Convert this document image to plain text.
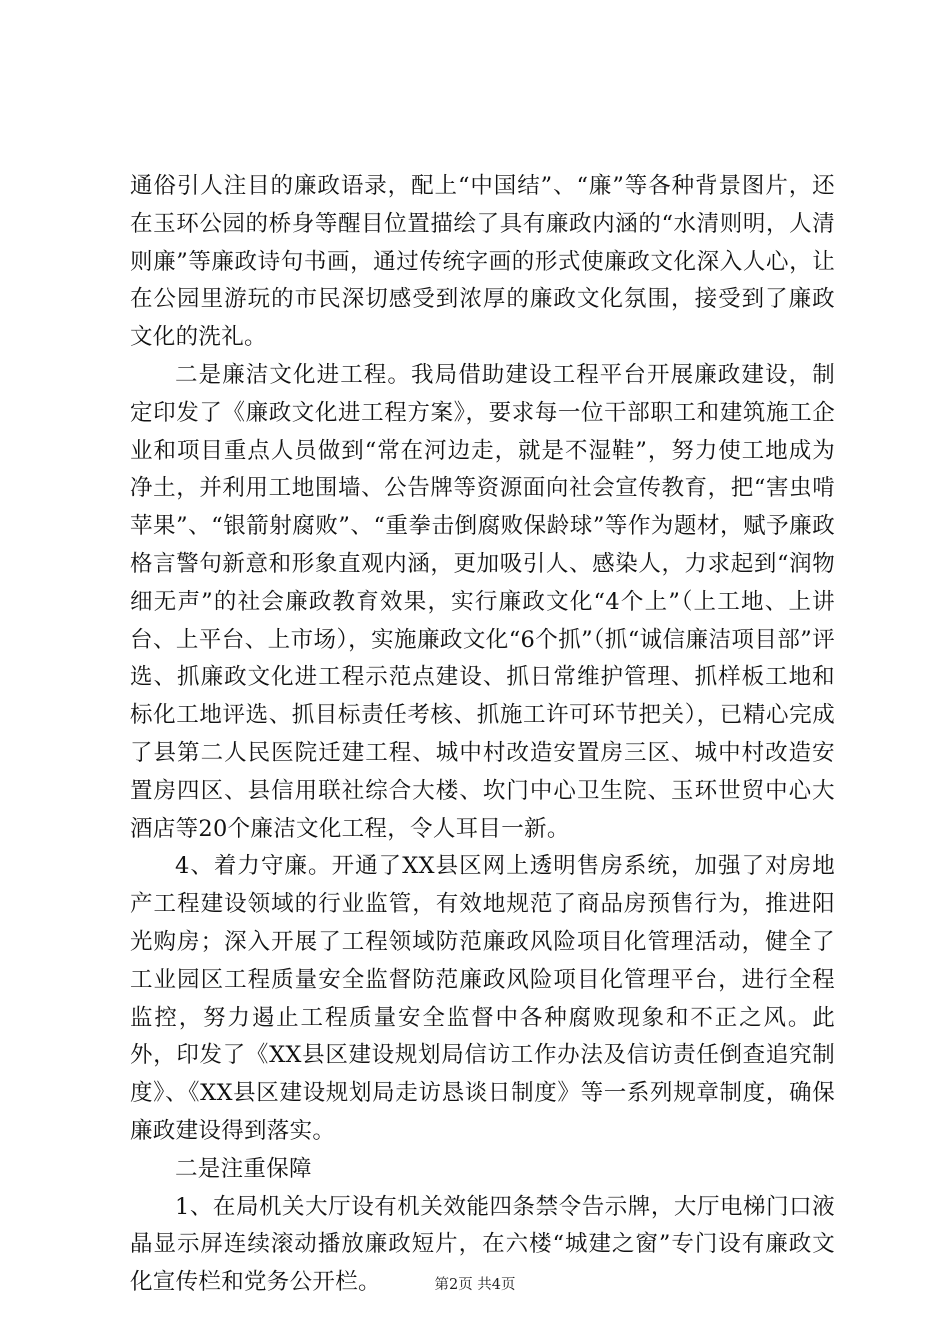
通俗引人注目的廉政语录，配上“中国结”、“廉”等各种背景图片，还在玉环公园的桥身等醒目位置描绘了具有廉政内涵的“水清则明，人清则廉”等廉政诗句书画，通过传统字画的形式使廉政文化深入人心，让在公园里游玩的市民深切感受到浓厚的廉政文化氛围，接受到了廉政文化的洗礼。

二是廉洁文化进工程。我局借助建设工程平台开展廉政建设，制定印发了《廉政文化进工程方案》，要求每一位干部职工和建筑施工企业和项目重点人员做到“常在河边走，就是不湿鞋”，努力使工地成为净土，并利用工地围墙、公告牌等资源面向社会宣传教育，把“害虫啃苹果”、“银箭射腐败”、“重拳击倒腐败保龄球”等作为题材，赋予廉政格言警句新意和形象直观内涵，更加吸引人、感染人，力求起到“润物细无声”的社会廉政教育效果，实行廉政文化“4个上”（上工地、上讲台、上平台、上市场），实施廉政文化“6个抓”（抓“诚信廉洁项目部”评选、抓廉政文化进工程示范点建设、抓日常维护管理、抓样板工地和标化工地评选、抓目标责任考核、抓施工许可环节把关），已精心完成了县第二人民医院迁建工程、城中村改造安置房三区、城中村改造安置房四区、县信用联社综合大楼、坎门中心卫生院、玉环世贸中心大酒店等20个廉洁文化工程，令人耳目一新。

4、着力守廉。开通了XX县区网上透明售房系统，加强了对房地产工程建设领域的行业监管，有效地规范了商品房预售行为，推进阳光购房；深入开展了工程领域防范廉政风险项目化管理活动，健全了工业园区工程质量安全监督防范廉政风险项目化管理平台，进行全程监控，努力遏止工程质量安全监督中各种腐败现象和不正之风。此外，印发了《XX县区建设规划局信访工作办法及信访责任倒查追究制度》、《XX县区建设规划局走访恳谈日制度》等一系列规章制度，确保廉政建设得到落实。

二是注重保障

1、在局机关大厅设有机关效能四条禁令告示牌，大厅电梯门口液晶显示屏连续滚动播放廉政短片，在六楼“城建之窗”专门设有廉政文化宣传栏和党务公开栏。	第2页 共4页
